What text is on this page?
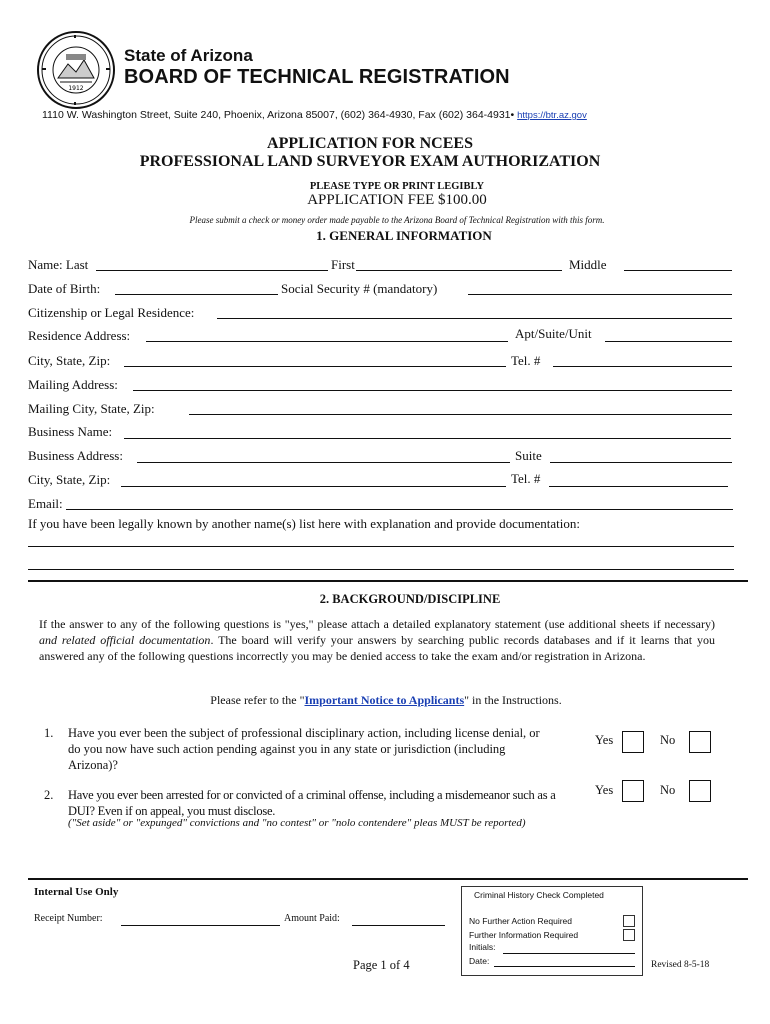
1912
State of Arizona
BOARD OF TECHNICAL REGISTRATION
1110 W. Washington Street, Suite 240, Phoenix, Arizona 85007, (602) 364-4930, Fax (602) 364-4931• https://btr.az.gov
APPLICATION FOR NCEES
PROFESSIONAL LAND SURVEYOR EXAM AUTHORIZATION
PLEASE TYPE OR PRINT LEGIBLY
APPLICATION FEE $100.00
Please submit a check or money order made payable to the Arizona Board of Technical Registration with this form.
1. GENERAL INFORMATION
Name: Last	First	Middle
Date of Birth:	Social Security # (mandatory)
Citizenship or Legal Residence:
Residence Address:	Apt/Suite/Unit
City, State, Zip:	Tel. #
Mailing Address:
Mailing City, State, Zip:
Business Name:
Business Address:	Suite
City, State, Zip:	Tel. #
Email:
If you have been legally known by another name(s) list here with explanation and provide documentation:
2. BACKGROUND/DISCIPLINE
If the answer to any of the following questions is "yes," please attach a detailed explanatory statement (use additional sheets if necessary) and related official documentation. The board will verify your answers by searching public records databases and if it learns that you answered any of the following questions incorrectly you may be denied access to take the exam and/or registration in Arizona.
Please refer to the "Important Notice to Applicants" in the Instructions.
1. Have you ever been the subject of professional disciplinary action, including license denial, or do you now have such action pending against you in any state or jurisdiction (including Arizona)?
Yes	No
2. Have you ever been arrested for or convicted of a criminal offense, including a misdemeanor such as a DUI? Even if on appeal, you must disclose.
("Set aside" or "expunged" convictions and "no contest" or "nolo contendere" pleas MUST be reported)
Yes	No
Internal Use Only
Receipt Number:	Amount Paid:
Criminal History Check Completed
No Further Action Required
Further Information Required
Initials:
Date:
Page 1 of 4	Revised 8-5-18
